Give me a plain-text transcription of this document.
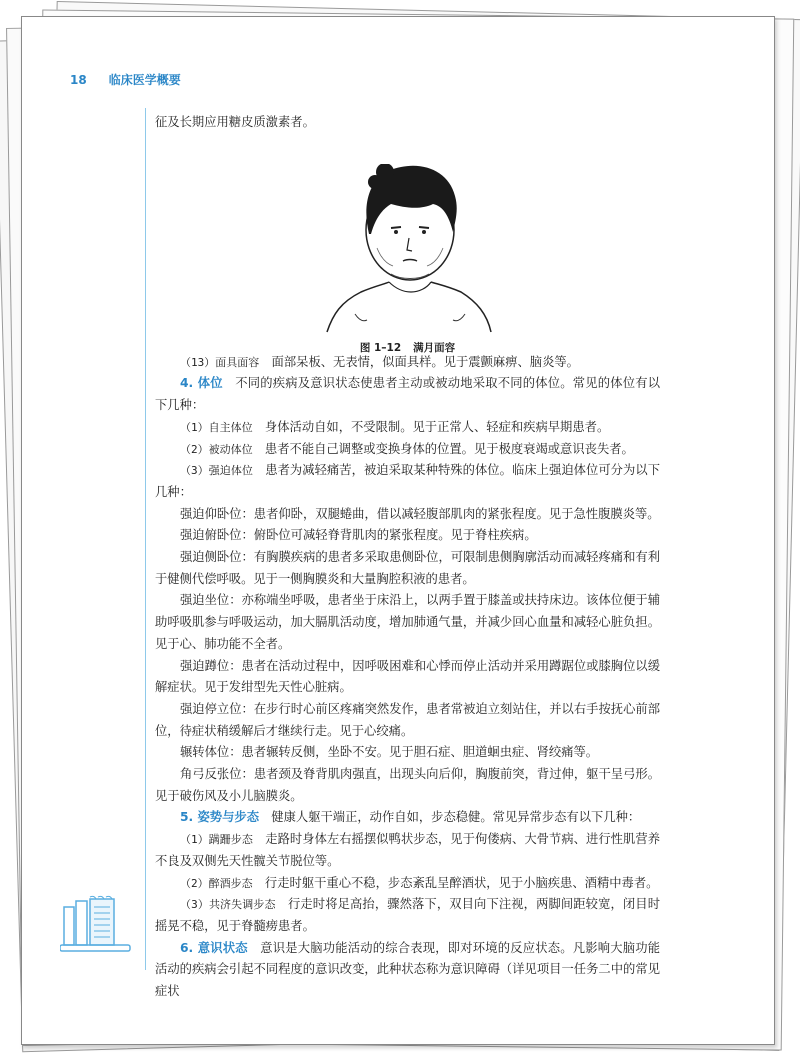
18 临床医学概要

征及长期应用糖皮质激素者。

图 1–12 满月面容

（13）面具面容　面部呆板、无表情，似面具样。见于震颤麻痹、脑炎等。

4. 体位　不同的疾病及意识状态使患者主动或被动地采取不同的体位。常见的体位有以下几种：

（1）自主体位　身体活动自如，不受限制。见于正常人、轻症和疾病早期患者。

（2）被动体位　患者不能自己调整或变换身体的位置。见于极度衰竭或意识丧失者。

（3）强迫体位　患者为减轻痛苦，被迫采取某种特殊的体位。临床上强迫体位可分为以下几种：

强迫仰卧位：患者仰卧，双腿蜷曲，借以减轻腹部肌肉的紧张程度。见于急性腹膜炎等。

强迫俯卧位：俯卧位可减轻脊背肌肉的紧张程度。见于脊柱疾病。

强迫侧卧位：有胸膜疾病的患者多采取患侧卧位，可限制患侧胸廓活动而减轻疼痛和有利于健侧代偿呼吸。见于一侧胸膜炎和大量胸腔积液的患者。

强迫坐位：亦称端坐呼吸，患者坐于床沿上，以两手置于膝盖或扶持床边。该体位便于辅助呼吸肌参与呼吸运动，加大膈肌活动度，增加肺通气量，并减少回心血量和减轻心脏负担。见于心、肺功能不全者。

强迫蹲位：患者在活动过程中，因呼吸困难和心悸而停止活动并采用蹲踞位或膝胸位以缓解症状。见于发绀型先天性心脏病。

强迫停立位：在步行时心前区疼痛突然发作，患者常被迫立刻站住，并以右手按抚心前部位，待症状稍缓解后才继续行走。见于心绞痛。

辗转体位：患者辗转反侧，坐卧不安。见于胆石症、胆道蛔虫症、肾绞痛等。

角弓反张位：患者颈及脊背肌肉强直，出现头向后仰，胸腹前突，背过伸，躯干呈弓形。见于破伤风及小儿脑膜炎。

5. 姿势与步态　健康人躯干端正，动作自如，步态稳健。常见异常步态有以下几种：

（1）蹒跚步态　走路时身体左右摇摆似鸭状步态，见于佝偻病、大骨节病、进行性肌营养不良及双侧先天性髋关节脱位等。

（2）醉酒步态　行走时躯干重心不稳，步态紊乱呈醉酒状，见于小脑疾患、酒精中毒者。

（3）共济失调步态　行走时将足高抬，骤然落下，双目向下注视，两脚间距较宽，闭目时摇晃不稳，见于脊髓痨患者。

6. 意识状态　意识是大脑功能活动的综合表现，即对环境的反应状态。凡影响大脑功能活动的疾病会引起不同程度的意识改变，此种状态称为意识障碍（详见项目一任务二中的常见症状
